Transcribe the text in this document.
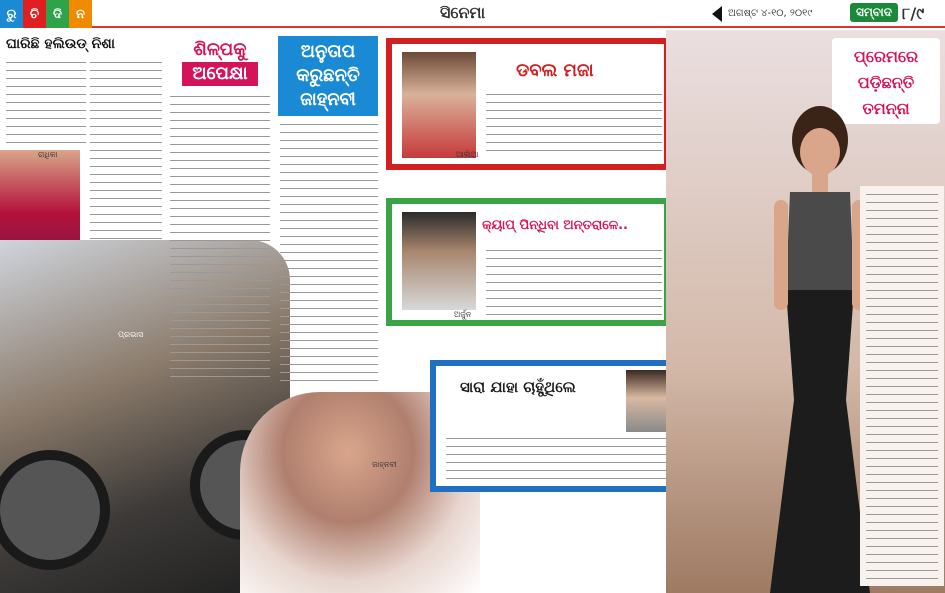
ରୁ	ଚି	ଦି	ନ	ସିନେମା	ଅଗଷ୍ଟ ୪-୧୦, ୨୦୧୯	ସମ୍ବାଦ ୮/୯
ଘାରିଛି ହଲିଉଡ୍ ନିଶା
ରାଧିକା
ପ୍ରଭାସ
ଶିଳ୍ପକୁ
ଅପେକ୍ଷା
ଅନୁତାପ
କରୁଛନ୍ତି
ଜାହ୍ନବୀ
ଜାହ୍ନବୀ
ଆଲିଆ
ଡବଲ ମଜା
ଅର୍ଜୁନ
କ୍ୟାପ୍ ପିନ୍ଧିବା ଅନ୍ତରାଳେ..
ସାରା ଯାହା ଚାହୁଁଥିଲେ
ପ୍ରେମରେ
ପଡ଼ିଛନ୍ତି
ତମନ୍ନା
